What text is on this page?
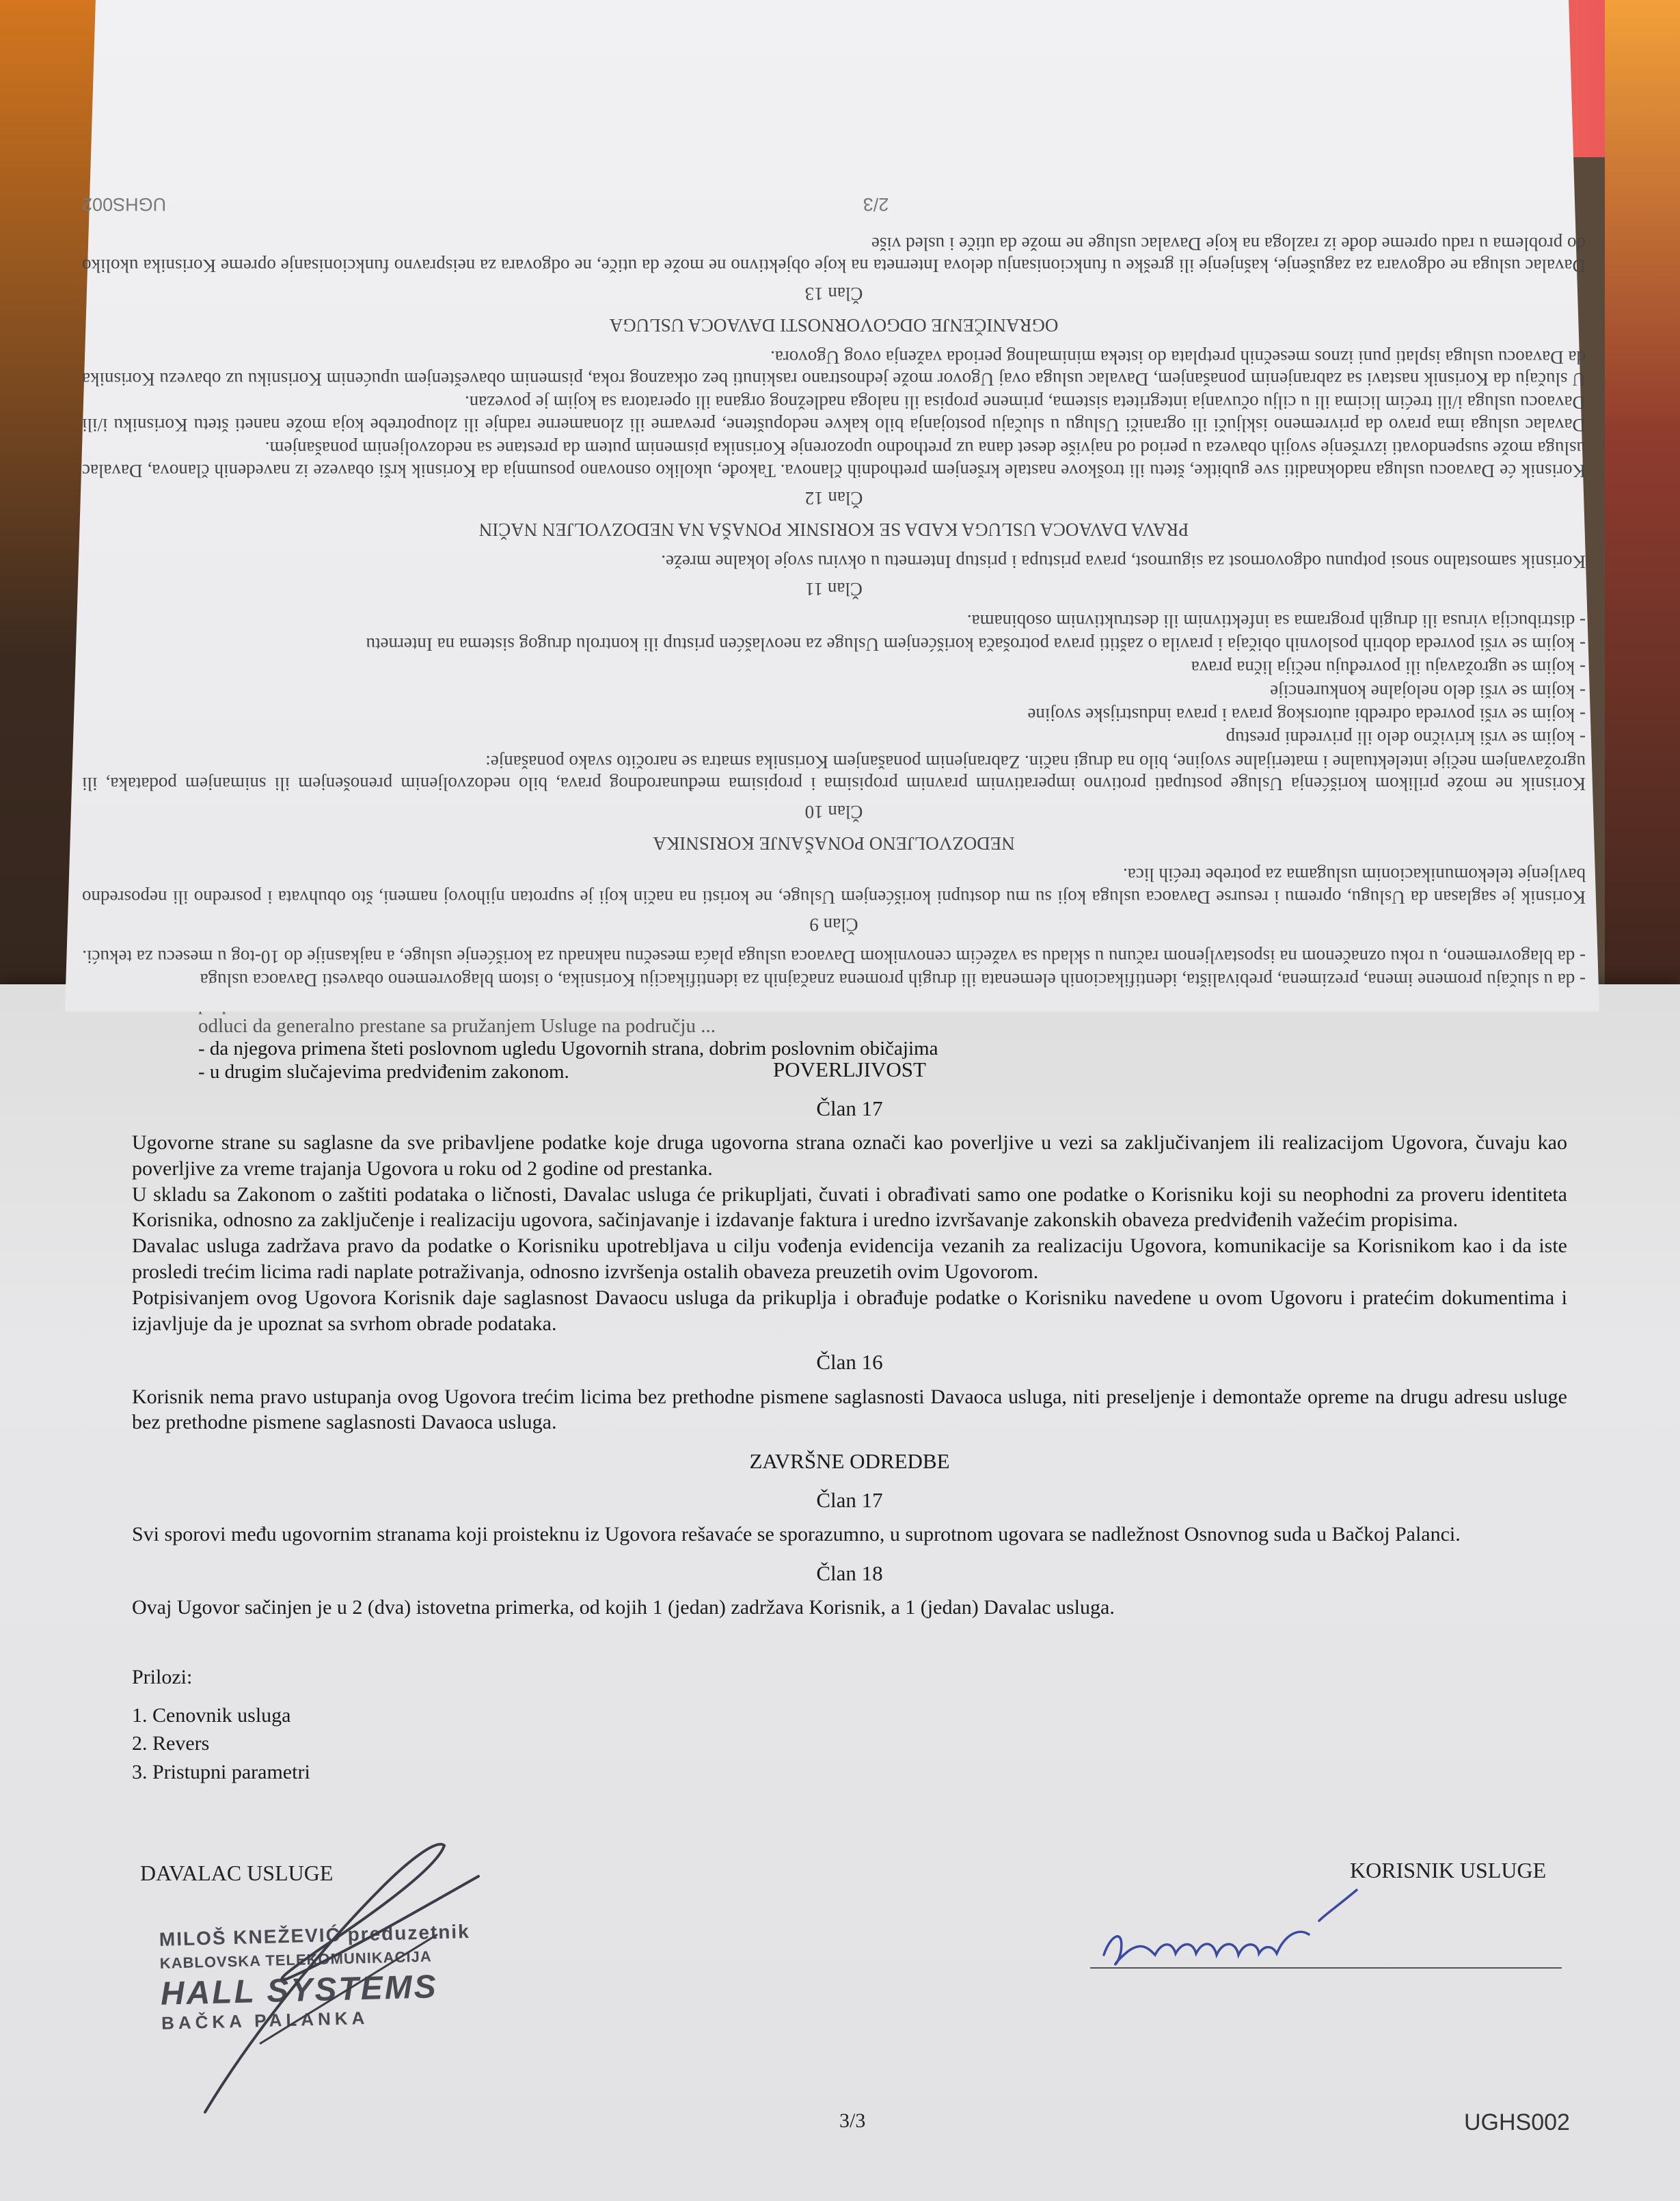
odluci da generalno prestane sa pružanjem Usluge na području ...

- da njegova primena šteti poslovnom ugledu Ugovornih strana, dobrim poslovnim običajima

- u drugim slučajevima predviđenim zakonom.

- da u slučaju promene imena, prezimena, prebivališta, identifikacionih elemenata ili drugih promena značajnih za identifikaciju Korisnika, o istom blagovremeno obavesti Davaoca usluga

- da blagovremeno, u roku označenom na ispostavljenom računu u skladu sa važećim cenovnikom Davaoca usluga plaća mesečnu naknadu za korišćenje usluge, a najkasnije do 10-tog u mesecu za tekući.

Član 9

Korisnik je saglasan da Uslugu, opremu i resurse Davaoca usluga koji su mu dostupni korišćenjem Usluge, ne koristi na način koji je suprotan njihovoj nameni, što obuhvata i posredno ili neposredno bavljenje telekomunikacionim uslugama za potrebe trećih lica.

NEDOZVOLJENO PONAŠANJE KORISNIKA

Član 10

Korisnik ne može prilikom korišćenja Usluge postupati protivno imperativnim pravnim propisima i propisima međunarodnog prava, bilo nedozvoljenim prenošenjem ili snimanjem podataka, ili ugrožavanjem nečije intelektualne i materijalne svojine, bilo na drugi način. Zabranjenim ponašanjem Korisnika smatra se naročito svako ponašanje:

- kojim se vrši krivično delo ili privredni prestup

- kojim se vrši povreda odredbi autorskog prava i prava industrijske svojine

- kojim se vrši delo nelojalne konkurencije

- kojim se ugrožavaju ili povređuju nečija lična prava

- kojim se vrši povreda dobrih poslovnih običaja i pravila o zaštiti prava potrošača korišćenjem Usluge za neovlašćen pristup ili kontrolu drugog sistema na Internetu

- distribucija virusa ili drugih programa sa infektivnim ili destruktivnim osobinama.

Član 11

Korisnik samostalno snosi potpunu odgovornost za sigurnost, prava pristupa i pristup Internetu u okviru svoje lokalne mreže.

PRAVA DAVAOCA USLUGA KADA SE KORISNIK PONAŠA NA NEDOZVOLJEN NAČIN

Član 12

Korisnik će Davaocu usluga nadoknaditi sve gubitke, štetu ili troškove nastale kršenjem prethodnih članova. Takođe, ukoliko osnovano posumnja da Korisnik krši obaveze iz navedenih članova, Davalac usluga može suspendovati izvršenje svojih obaveza u period od najviše deset dana uz prethodno upozorenje Korisnika pismenim putem da prestane sa nedozvoljenim ponašanjem.

Davalac usluga ima pravo da privremeno isključi ili ograniči Uslugu u slučaju postojanja bilo kakve nedopuštene, prevarne ili zlonamerne radnje ili zloupotrebe koja može naneti štetu Korisniku i/ili Davaocu usluga i/ili trećim licima ili u cilju očuvanja integriteta sistema, primene propisa ili naloga nadležnog organa ili operatora sa kojim je povezan.

U slučaju da Korisnik nastavi sa zabranjenim ponašanjem, Davalac usluga ovaj Ugovor može jednostrano raskinuti bez otkaznog roka, pismenim obaveštenjem upućenim Korisniku uz obavezu Korisnika da Davaocu usluga isplati puni iznos mesečnih pretplata do isteka minimalnog perioda važenja ovog Ugovora.

OGRANIČENJE ODGOVORNOSTI DAVAOCA USLUGA

Član 13

Davalac usluga ne odgovara za zagušenje, kašnjenje ili greške u funkcionisanju delova Interneta na koje objektivno ne može da utiče, ne odgovara za neispravno funkcionisanje opreme Korisnika ukoliko do problema u radu opreme dođe iz razloga na koje Davalac usluge ne može da utiče i usled više

2/3
UGHS002

POVERLJIVOST

Član 17

Ugovorne strane su saglasne da sve pribavljene podatke koje druga ugovorna strana označi kao poverljive u vezi sa zaključivanjem ili realizacijom Ugovora, čuvaju kao poverljive za vreme trajanja Ugovora u roku od 2 godine od prestanka.

U skladu sa Zakonom o zaštiti podataka o ličnosti, Davalac usluga će prikupljati, čuvati i obrađivati samo one podatke o Korisniku koji su neophodni za proveru identiteta Korisnika, odnosno za zaključenje i realizaciju ugovora, sačinjavanje i izdavanje faktura i uredno izvršavanje zakonskih obaveza predviđenih važećim propisima.

Davalac usluga zadržava pravo da podatke o Korisniku upotrebljava u cilju vođenja evidencija vezanih za realizaciju Ugovora, komunikacije sa Korisnikom kao i da iste prosledi trećim licima radi naplate potraživanja, odnosno izvršenja ostalih obaveza preuzetih ovim Ugovorom.

Potpisivanjem ovog Ugovora Korisnik daje saglasnost Davaocu usluga da prikuplja i obrađuje podatke o Korisniku navedene u ovom Ugovoru i pratećim dokumentima i izjavljuje da je upoznat sa svrhom obrade podataka.

Član 16

Korisnik nema pravo ustupanja ovog Ugovora trećim licima bez prethodne pismene saglasnosti Davaoca usluga, niti preseljenje i demontaže opreme na drugu adresu usluge bez prethodne pismene saglasnosti Davaoca usluga.

ZAVRŠNE ODREDBE

Član 17

Svi sporovi među ugovornim stranama koji proisteknu iz Ugovora rešavaće se sporazumno, u suprotnom ugovara se nadležnost Osnovnog suda u Bačkoj Palanci.

Član 18

Ovaj Ugovor sačinjen je u 2 (dva) istovetna primerka, od kojih 1 (jedan) zadržava Korisnik, a 1 (jedan) Davalac usluga.

Prilozi:

1. Cenovnik usluga

2. Revers

3. Pristupni parametri

DAVALAC USLUGE	KORISNIK USLUGE
MILOŠ KNEŽEVIĆ preduzetnik
KABLOVSKA TELEKOMUNIKACIJA
HALL SYSTEMS
BAČKA PALANKA
3/3	UGHS002
